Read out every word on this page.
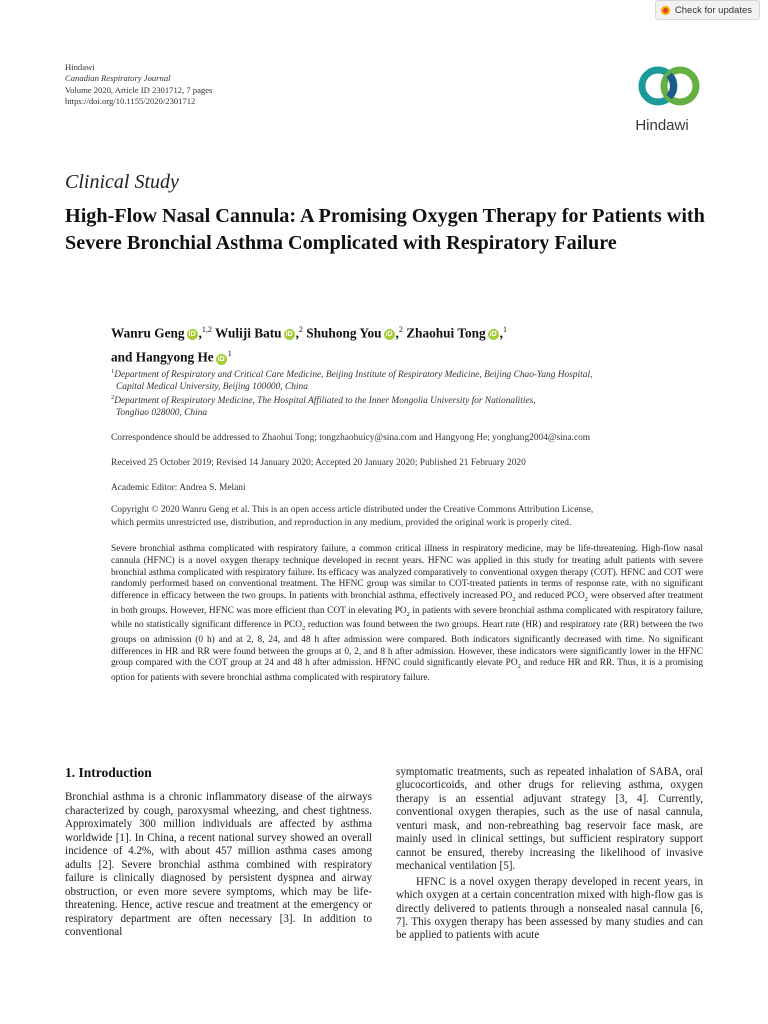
Check for updates
Hindawi
Canadian Respiratory Journal
Volume 2020, Article ID 2301712, 7 pages
https://doi.org/10.1155/2020/2301712
Hindawi
Clinical Study
High-Flow Nasal Cannula: A Promising Oxygen Therapy for Patients with Severe Bronchial Asthma Complicated with Respiratory Failure
Wanru Geng iD ,$^{1,2}$ Wuliji Batu iD ,$^2$ Shuhong You iD ,$^2$ Zhaohui Tong iD ,$^1$
and Hangyong He $iD^1$
$^1$Department of Respiratory and Critical Care Medicine, Beijing Institute of Respiratory Medicine, Beijing Chao-Yang Hospital,
Capital Medical University, Beijing 100000, China
$^2$Department of Respiratory Medicine, The Hospital Affiliated to the Inner Mongolia University for Nationalities,
Tongliao 028000, China
Correspondence should be addressed to Zhaohui Tong; tongzhaohuicy@sina.com and Hangyong He; yonghang2004@sina.com
Received 25 October 2019; Revised 14 January 2020; Accepted 20 January 2020; Published 21 February 2020
Academic Editor: Andrea S. Melani
Copyright © 2020 Wanru Geng et al. This is an open access article distributed under the Creative Commons Attribution License,
which permits unrestricted use, distribution, and reproduction in any medium, provided the original work is properly cited.
Severe bronchial asthma complicated with respiratory failure, a common critical illness in respiratory medicine, may be life-threatening. High-flow nasal cannula (HFNC) is a novel oxygen therapy technique developed in recent years. HFNC was applied in this study for treating adult patients with severe bronchial asthma complicated with respiratory failure. Its efficacy was analyzed comparatively to conventional oxygen therapy (COT). HFNC and COT were randomly performed based on conventional treatment. The HFNC group was similar to COT-treated patients in terms of response rate, with no significant difference in efficacy between the two groups. In patients with bronchial asthma, effectively increased $PO_2$ and reduced $PCO_2$ were observed after treatment in both groups. However, HFNC was more efficient than COT in elevating $PO_2$ in patients with severe bronchial asthma complicated with respiratory failure, while no statistically significant difference in $PCO_2$ reduction was found between the two groups. Heart rate (HR) and respiratory rate (RR) between the two groups on admission (0 h) and at 2, 8, 24, and 48 h after admission were compared. Both indicators significantly decreased with time. No significant differences in HR and RR were found between the groups at 0, 2, and 8 h after admission. However, these indicators were significantly lower in the HFNC group compared with the COT group at 24 and 48 h after admission. HFNC could significantly elevate $PO_2$ and reduce HR and RR. Thus, it is a promising option for patients with severe bronchial asthma complicated with respiratory failure.
1. Introduction

Bronchial asthma is a chronic inflammatory disease of the airways characterized by cough, paroxysmal wheezing, and chest tightness. Approximately 300 million individuals are affected by asthma worldwide [1]. In China, a recent national survey showed an overall incidence of 4.2%, with about 457 million asthma cases among adults [2]. Severe bronchial asthma combined with respiratory failure is clinically diagnosed by persistent dyspnea and airway obstruction, or even more severe symptoms, which may be life-threatening. Hence, active rescue and treatment at the emergency or respiratory department are often necessary [3]. In addition to conventional

symptomatic treatments, such as repeated inhalation of SABA, oral glucocorticoids, and other drugs for relieving asthma, oxygen therapy is an essential adjuvant strategy [3, 4]. Currently, conventional oxygen therapies, such as the use of nasal cannula, venturi mask, and non-rebreathing bag reservoir face mask, are mainly used in clinical settings, but sufficient respiratory support cannot be ensured, thereby increasing the likelihood of invasive mechanical ventilation [5].

HFNC is a novel oxygen therapy developed in recent years, in which oxygen at a certain concentration mixed with high-flow gas is directly delivered to patients through a nonsealed nasal cannula [6, 7]. This oxygen therapy has been assessed by many studies and can be applied to patients with acute
